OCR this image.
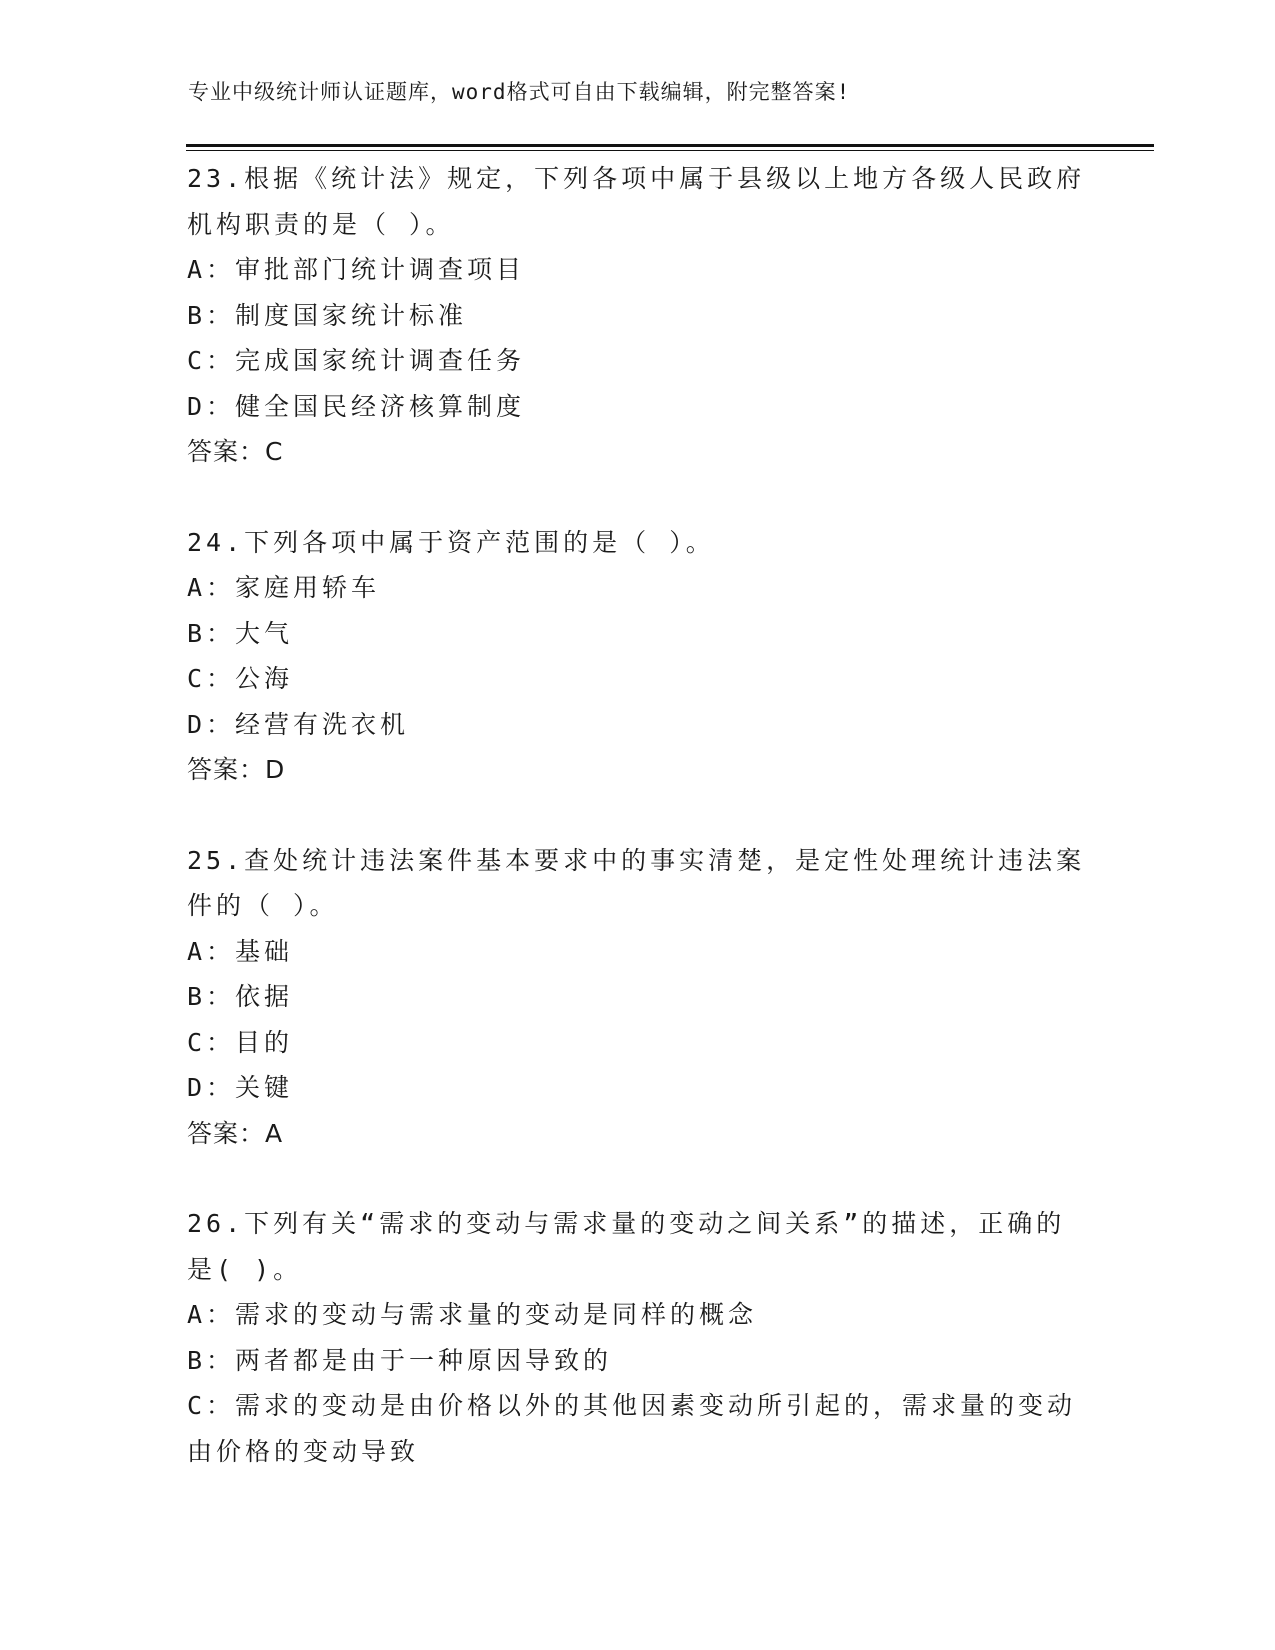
专业中级统计师认证题库，word格式可自由下载编辑，附完整答案!
23.根据《统计法》规定，下列各项中属于县级以上地方各级人民政府
机构职责的是（ ）。
A：审批部门统计调查项目
B：制度国家统计标准
C：完成国家统计调查任务
D：健全国民经济核算制度
答案：C
24.下列各项中属于资产范围的是（ ）。
A：家庭用轿车
B：大气
C：公海
D：经营有洗衣机
答案：D
25.查处统计违法案件基本要求中的事实清楚，是定性处理统计违法案
件的（ ）。
A：基础
B：依据
C：目的
D：关键
答案：A
26.下列有关“需求的变动与需求量的变动之间关系”的描述，正确的
是( )。
A：需求的变动与需求量的变动是同样的概念
B：两者都是由于一种原因导致的
C：需求的变动是由价格以外的其他因素变动所引起的，需求量的变动
由价格的变动导致
